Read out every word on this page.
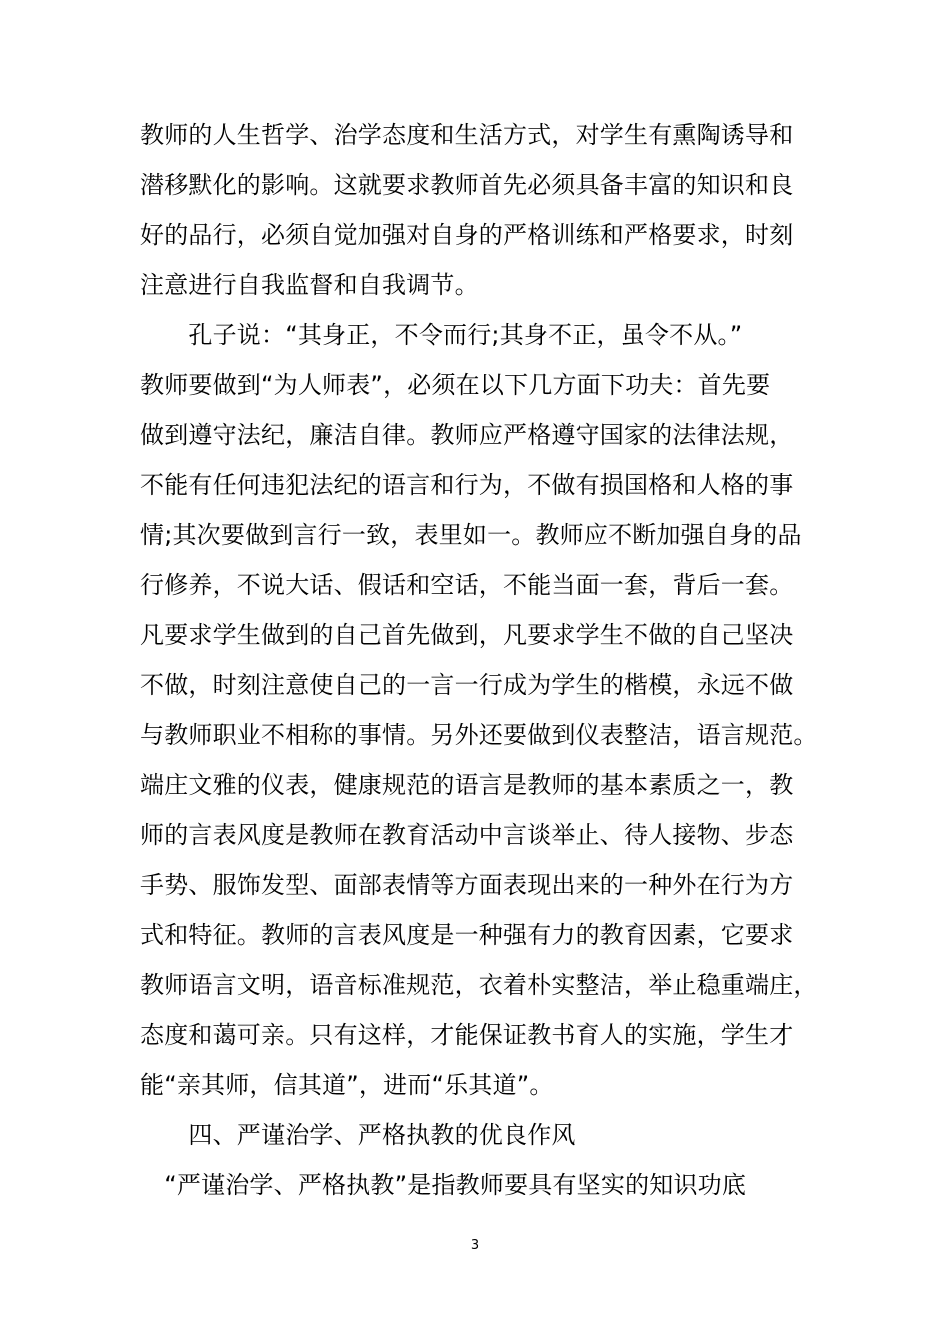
教师的人生哲学、治学态度和生活方式，对学生有熏陶诱导和
潜移默化的影响。这就要求教师首先必须具备丰富的知识和良
好的品行，必须自觉加强对自身的严格训练和严格要求，时刻
注意进行自我监督和自我调节。
　　孔子说：“其身正，不令而行;其身不正，虽令不从。”
教师要做到“为人师表”，必须在以下几方面下功夫：首先要
做到遵守法纪，廉洁自律。教师应严格遵守国家的法律法规，
不能有任何违犯法纪的语言和行为，不做有损国格和人格的事
情;其次要做到言行一致，表里如一。教师应不断加强自身的品
行修养，不说大话、假话和空话，不能当面一套，背后一套。
凡要求学生做到的自己首先做到，凡要求学生不做的自己坚决
不做，时刻注意使自己的一言一行成为学生的楷模，永远不做
与教师职业不相称的事情。另外还要做到仪表整洁，语言规范。
端庄文雅的仪表，健康规范的语言是教师的基本素质之一，教
师的言表风度是教师在教育活动中言谈举止、待人接物、步态
手势、服饰发型、面部表情等方面表现出来的一种外在行为方
式和特征。教师的言表风度是一种强有力的教育因素，它要求
教师语言文明，语音标准规范，衣着朴实整洁，举止稳重端庄，
态度和蔼可亲。只有这样，才能保证教书育人的实施，学生才
能“亲其师，信其道”，进而“乐其道”。
　　四、严谨治学、严格执教的优良作风
　“严谨治学、严格执教”是指教师要具有坚实的知识功底
3
